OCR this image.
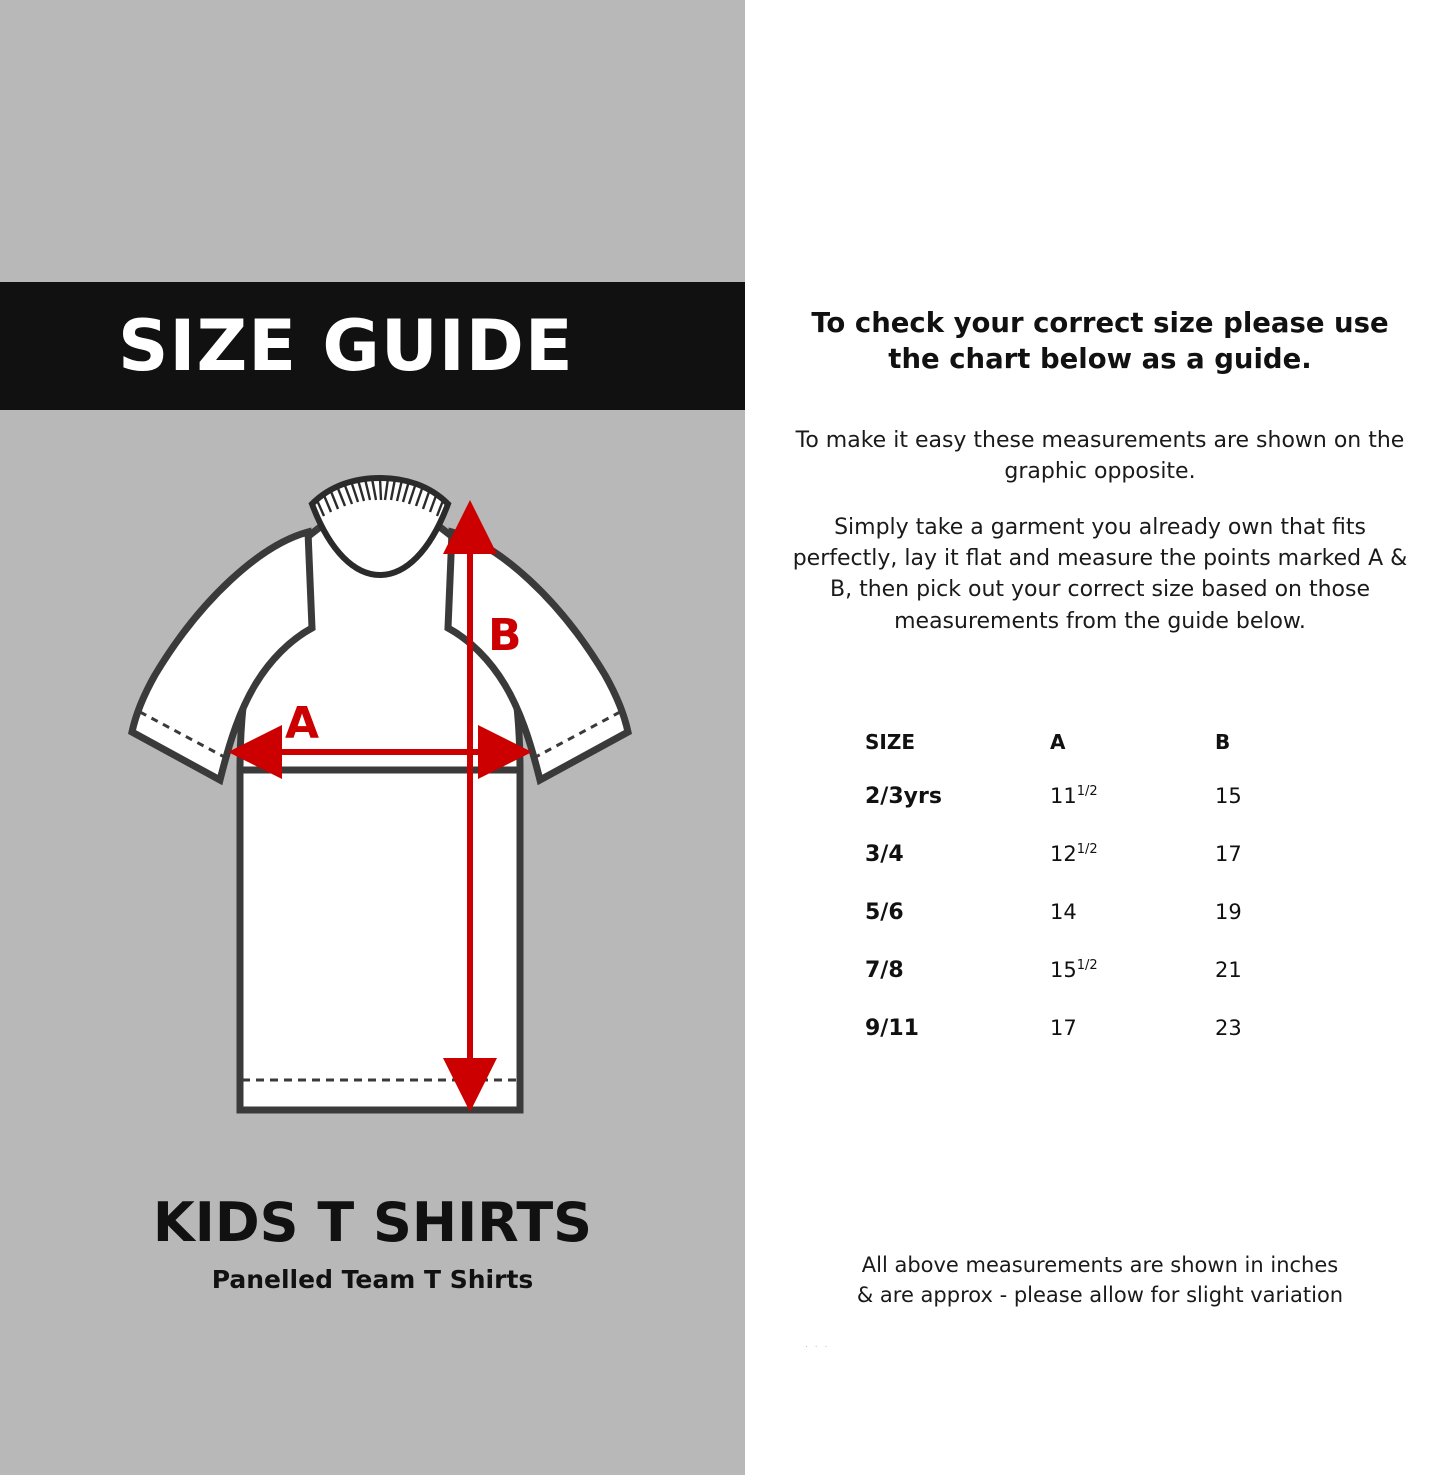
SIZE GUIDE
A
B
KIDS T SHIRTS
Panelled Team T Shirts
To check your correct size please use the chart below as a guide.
To make it easy these measurements are shown on the graphic opposite.
Simply take a garment you already own that fits perfectly, lay it flat and measure the points marked A & B, then pick out your correct size based on those measurements from the guide below.
SIZE	A	B
2/3yrs	$11^{1/2}$	15
3/4	$12^{1/2}$	17
5/6	14	19
7/8	$15^{1/2}$	21
9/11	17	23
All above measurements are shown in inches
& are approx - please allow for slight variation
. . .
